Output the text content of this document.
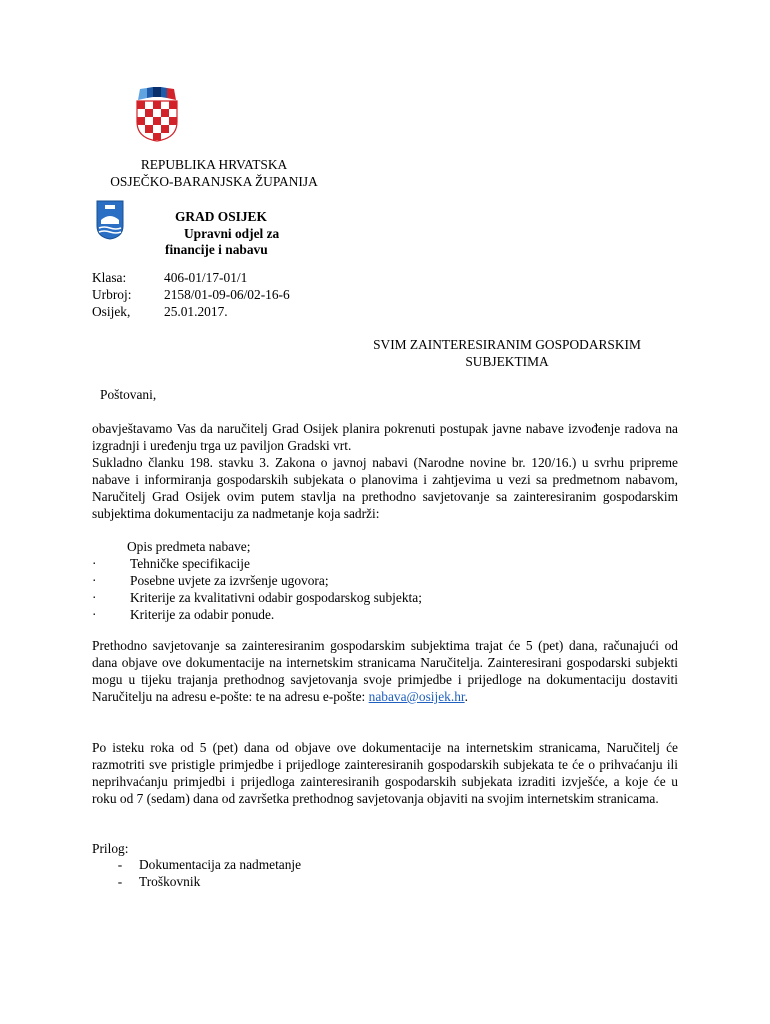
REPUBLIKA HRVATSKA
OSJEČKO-BARANJSKA ŽUPANIJA
GRAD OSIJEK
Upravni odjel za
financije i nabavu
Klasa:	406-01/17-01/1
Urbroj:	2158/01-09-06/02-16-6
Osijek,	25.01.2017.
SVIM ZAINTERESIRANIM GOSPODARSKIM
SUBJEKTIMA
Poštovani,
obavještavamo Vas da naručitelj Grad Osijek planira pokrenuti postupak javne nabave izvođenje radova na izgradnji i uređenju trga uz paviljon Gradski vrt.
Sukladno članku 198. stavku 3. Zakona o javnoj nabavi (Narodne novine br. 120/16.) u svrhu pripreme nabave i informiranja gospodarskih subjekata o planovima i zahtjevima u vezi sa predmetnom nabavom, Naručitelj Grad Osijek ovim putem stavlja na prethodno savjetovanje sa zainteresiranim gospodarskim subjektima dokumentaciju za nadmetanje koja sadrži:
Opis predmeta nabave;
·	Tehničke specifikacije
·	Posebne uvjete za izvršenje ugovora;
·	Kriterije za kvalitativni odabir gospodarskog subjekta;
·	Kriterije za odabir ponude.
Prethodno savjetovanje sa zainteresiranim gospodarskim subjektima trajat će 5 (pet) dana, računajući od dana objave ove dokumentacije na internetskim stranicama Naručitelja. Zainteresirani gospodarski subjekti mogu u tijeku trajanja prethodnog savjetovanja svoje primjedbe i prijedloge na dokumentaciju dostaviti Naručitelju na adresu e-pošte: te na adresu e-pošte: nabava@osijek.hr.
Po isteku roka od 5 (pet) dana od objave ove dokumentacije na internetskim stranicama, Naručitelj će razmotriti sve pristigle primjedbe i prijedloge zainteresiranih gospodarskih subjekata te će o prihvaćanju ili neprihvaćanju primjedbi i prijedloga zainteresiranih gospodarskih subjekata izraditi izvješće, a koje će u roku od 7 (sedam) dana od završetka prethodnog savjetovanja objaviti na svojim internetskim stranicama.
Prilog:
-	Dokumentacija za nadmetanje
-	Troškovnik
